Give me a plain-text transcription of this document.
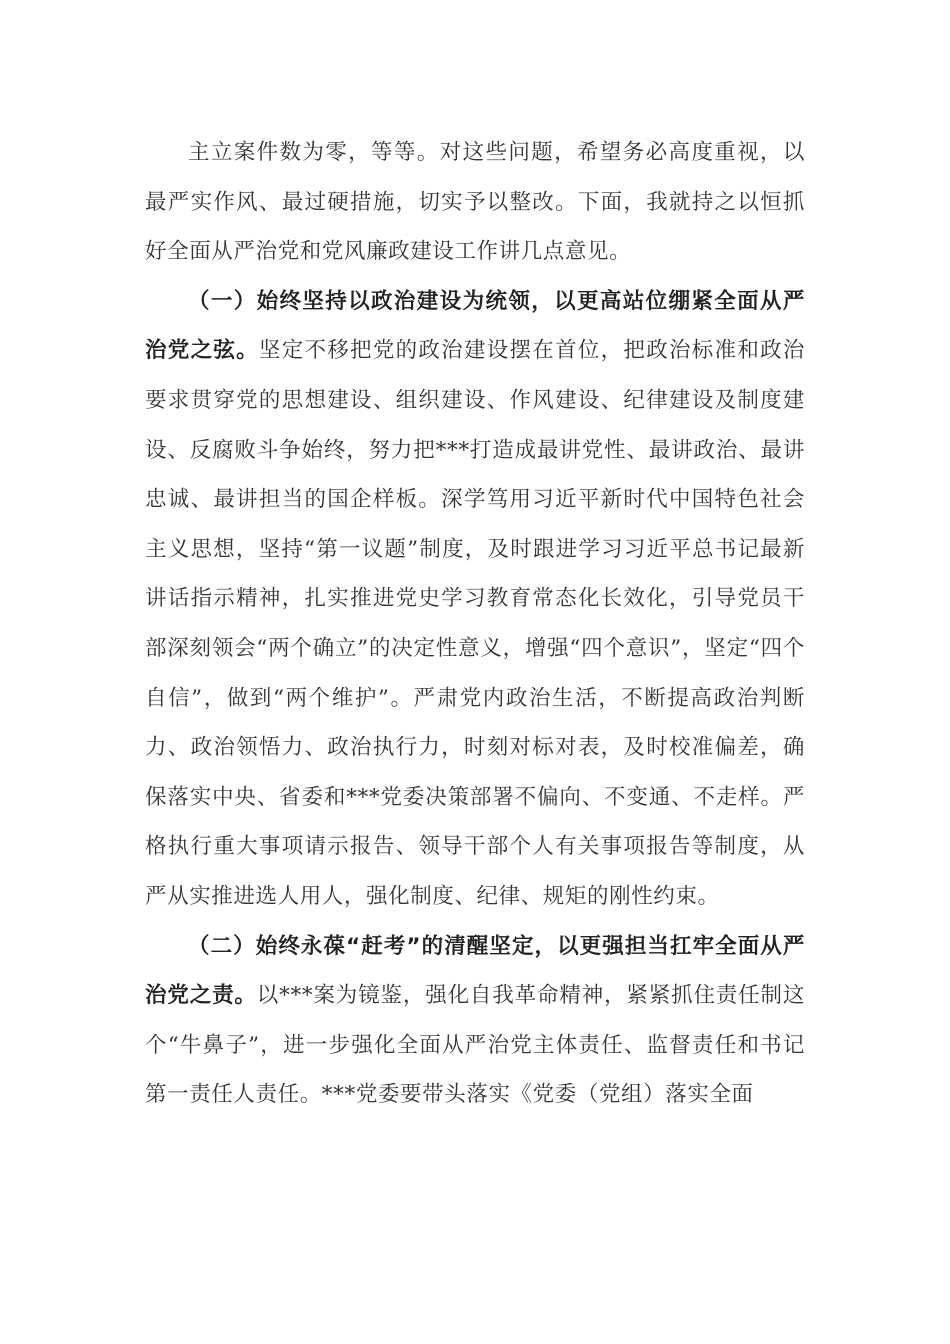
主立案件数为零，等等。对这些问题，希望务必高度重视，以最严实作风、最过硬措施，切实予以整改。下面，我就持之以恒抓好全面从严治党和党风廉政建设工作讲几点意见。

（一）始终坚持以政治建设为统领，以更高站位绷紧全面从严治党之弦。坚定不移把党的政治建设摆在首位，把政治标准和政治要求贯穿党的思想建设、组织建设、作风建设、纪律建设及制度建设、反腐败斗争始终，努力把***打造成最讲党性、最讲政治、最讲忠诚、最讲担当的国企样板。深学笃用习近平新时代中国特色社会主义思想，坚持“第一议题”制度，及时跟进学习习近平总书记最新讲话指示精神，扎实推进党史学习教育常态化长效化，引导党员干部深刻领会“两个确立”的决定性意义，增强“四个意识”，坚定“四个自信”，做到“两个维护”。严肃党内政治生活，不断提高政治判断力、政治领悟力、政治执行力，时刻对标对表，及时校准偏差，确保落实中央、省委和***党委决策部署不偏向、不变通、不走样。严格执行重大事项请示报告、领导干部个人有关事项报告等制度，从严从实推进选人用人，强化制度、纪律、规矩的刚性约束。

（二）始终永葆“赶考”的清醒坚定，以更强担当扛牢全面从严治党之责。以***案为镜鉴，强化自我革命精神，紧紧抓住责任制这个“牛鼻子”，进一步强化全面从严治党主体责任、监督责任和书记第一责任人责任。***党委要带头落实《党委（党组）落实全面
